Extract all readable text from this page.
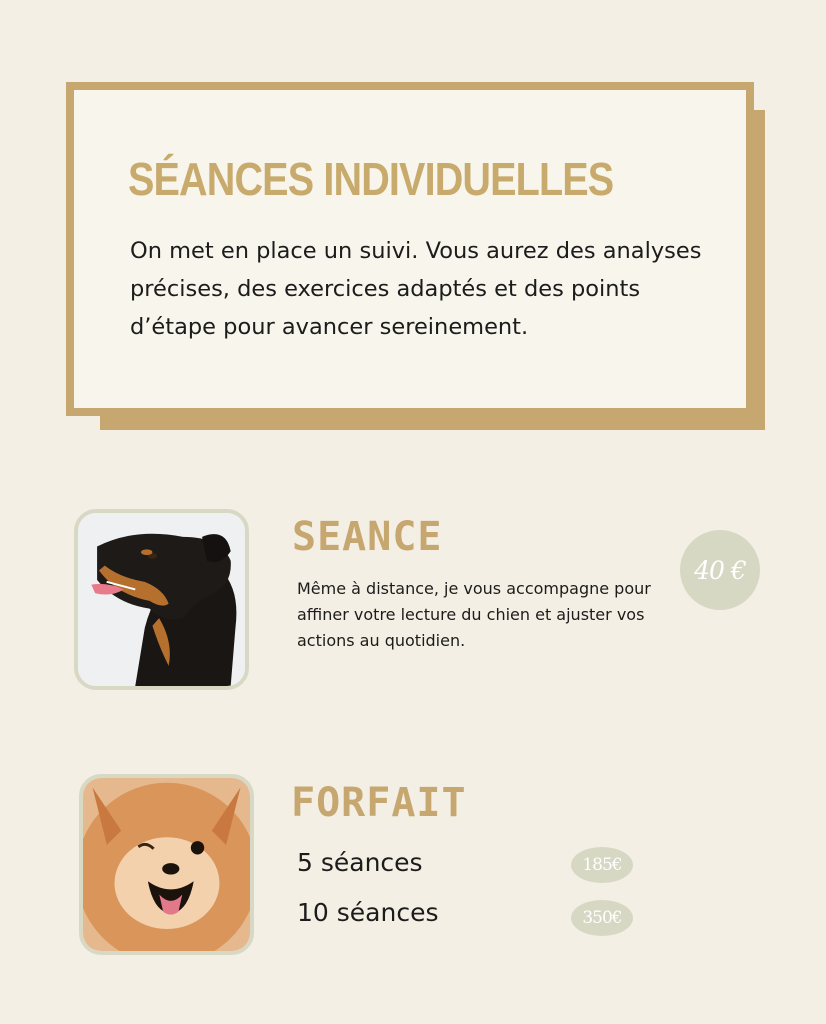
SÉANCES INDIVIDUELLES
On met en place un suivi. Vous aurez des analyses précises, des exercices adaptés et des points d’étape pour avancer sereinement.
SEANCE
Même à distance, je vous accompagne pour affiner votre lecture du chien et ajuster vos actions au quotidien.
40 €
FORFAIT
5 séances	185€
10 séances	350€
